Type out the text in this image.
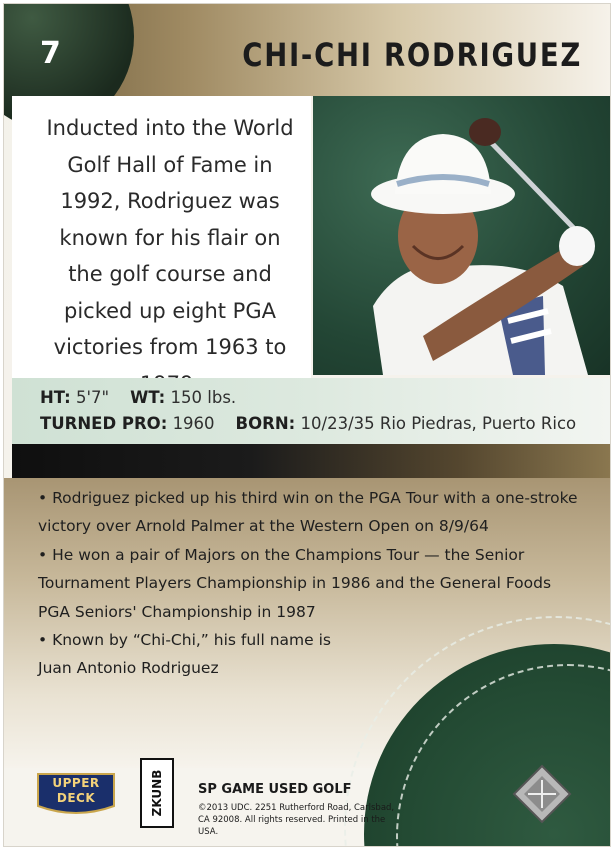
7	CHI-CHI RODRIGUEZ
Inducted into the World Golf Hall of Fame in 1992, Rodriguez was known for his flair on the golf course and picked up eight PGA victories from 1963 to
HT: 5'7" WT: 150 lbs.
TURNED PRO: 1960 BORN: 10/23/35 Rio Piedras, Puerto Rico
• Rodriguez picked up his third win on the PGA Tour with a one-stroke victory over Arnold Palmer at the Western Open on 8/9/64
• He won a pair of Majors on the Champions Tour — the Senior Tournament Players Championship in 1986 and the General Foods PGA Seniors' Championship in 1987
• Known by “Chi-Chi,” his full name is Juan Antonio Rodriguez
UPPER DECK	ZKUNB	SP GAME USED GOLF
©2013 UDC. 2251 Rutherford Road, Carlsbad, CA 92008. All rights reserved. Printed in the USA.
